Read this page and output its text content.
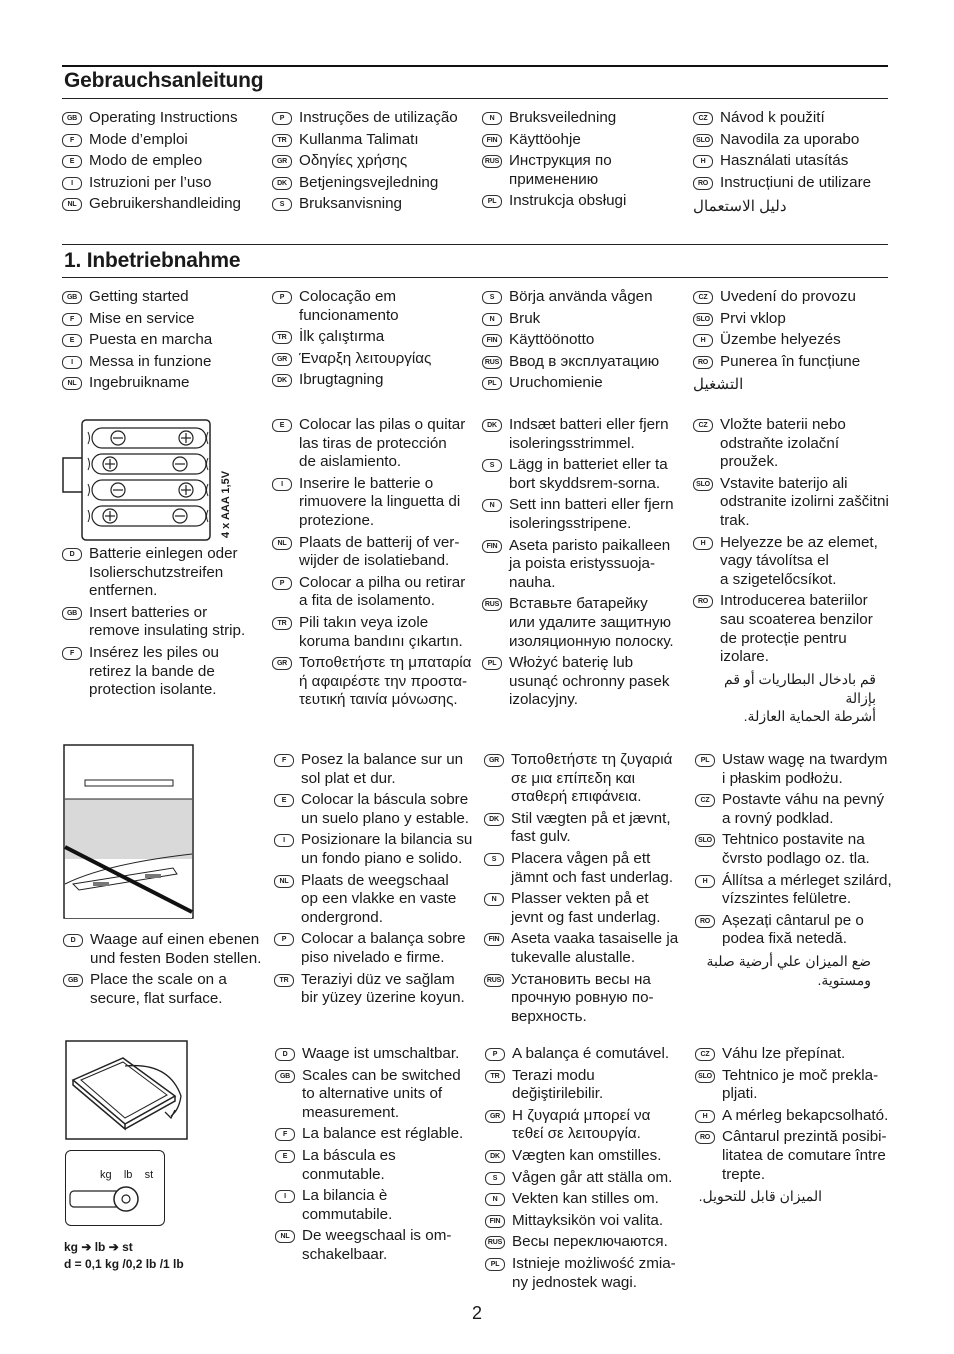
Gebrauchsanleitung
GB Operating Instructions
F Mode d’emploi
E Modo de empleo
I	Istruzioni per l’uso
NL Gebruikershandleiding
P Instruções de utilização
TR Kullanma Talimatı
GR Οδηγίες χρήσης
DK Betjeningsvejledning
S Bruksanvisning
N Bruksveiledning
FIN Käyttöohje
RUS Инструкция по
применению
PL Instrukcja obsługi
CZ Návod k použití
SLO Navodila za uporabo
H Használati utasítás
RO Instrucțiuni de utilizare
دليل الاستعمال
1. Inbetriebnahme
GB Getting started
F Mise en service
E Puesta en marcha
I	Messa in funzione
NL Ingebruikname
P Colocação em
funcionamento
TR İlk çalıştırma
GR Έναρξη λειτουργίας
DK Ibrugtagning
S Börja använda vågen
N Bruk
FIN Käyttöönotto
RUS Ввод в эксплуатацию
PL Uruchomienie
CZ Uvedení do provozu
SLO Prvi vklop
H Üzembe helyezés
RO Punerea în funcțiune
التشغيل
4 x AAA 1,5V
D Batterie einlegen oder
Isolierschutzstreifen
entfernen.
GB Insert batteries or
remove insulating strip.
F Insérez les piles ou
retirez la bande de
protection isolante.
E Colocar las pilas o quitar
las tiras de protección
de aislamiento.
I	Inserire le batterie o
rimuovere la linguetta di
protezione.
NL Plaats de batterij of ver-
wijder de isolatieband.
P Colocar a pilha ou retirar
a fita de isolamento.
TR Pili takın veya izole
koruma bandını çıkartın.
GR Τοποθετήστε τη μπαταρία
ή αφαιρέστε την προστα-
τευτική ταινία μόνωσης.
DK Indsæt batteri eller fjern
isoleringsstrimmel.
S Lägg in batteriet eller ta
bort skyddsrem-sorna.
N Sett inn batteri eller fjern
isoleringsstripene.
FIN Aseta paristo paikalleen
ja poista eristyssuoja-
nauha.
RUS Вставьте батарейку
или удалите защитную
изоляционную полоску.
PL Włożyć baterię lub
usunąć ochronny pasek
izolacyjny.
CZ Vložte baterii nebo
odstraňte izolační
proužek.
SLO Vstavite baterijo ali
odstranite izolirni zaščitni
trak.
H Helyezze be az elemet,
vagy távolítsa el
a szigetelőcsíkot.
RO Introducerea bateriilor
sau scoaterea benzilor
de protecție pentru
izolare.
قم بادخال البطاريات أو قم بإزالة
أشرطة الحماية العازلة.
D Waage auf einen ebenen
und festen Boden stellen.
GB Place the scale on a
secure, flat surface.
F Posez la balance sur un
sol plat et dur.
E Colocar la báscula sobre
un suelo plano y estable.
I	Posizionare la bilancia su
un fondo piano e solido.
NL Plaats de weegschaal
op een vlakke en vaste
ondergrond.
P Colocar a balança sobre
piso nivelado e firme.
TR Teraziyi düz ve sağlam
bir yüzey üzerine koyun.
GR Τοποθετήστε τη ζυγαριά
σε μια επίπεδη και
σταθερή επιφάνεια.
DK Stil vægten på et jævnt,
fast gulv.
S Placera vågen på ett
jämnt och fast underlag.
N Plasser vekten på et
jevnt og fast underlag.
FIN Aseta vaaka tasaiselle ja
tukevalle alustalle.
RUS Установить весы на
прочную ровную по-
верхность.
PL Ustaw wagę na twardym
i płaskim podłożu.
CZ Postavte váhu na pevný
a rovný podklad.
SLO Tehtnico postavite na
čvrsto podlago oz. tla.
H Állítsa a mérleget szilárd,
vízszintes felületre.
RO Așezați cântarul pe o
podea fixă netedă.
ضع الميزان علي أرضية صلبة
ومستوية.
kg lb st
kg ➔ lb ➔ st
d = 0,1 kg /0,2 lb /1 lb
D Waage ist umschaltbar.
GB Scales can be switched
to alternative units of
measurement.
F La balance est réglable.
E La báscula es
conmutable.
I	La bilancia è
commutabile.
NL De weegschaal is om-
schakelbaar.
P A balança é comutável.
TR Terazi modu değiştirilebilir.
GR Η ζυγαριά μπορεί να
τεθεί σε λειτουργία.
DK Vægten kan omstilles.
S Vågen går att ställa om.
N Vekten kan stilles om.
FIN Mittayksikön voi valita.
RUS Весы переключаются.
PL Istnieje możliwość zmia-
ny jednostek wagi.
CZ Váhu lze přepínat.
SLO Tehtnico je moč prekla-
pljati.
H A mérleg bekapcsolható.
RO Cântarul prezintă posibi-
litatea de comutare între
trepte.
الميزان قابل للتحويل.
2
